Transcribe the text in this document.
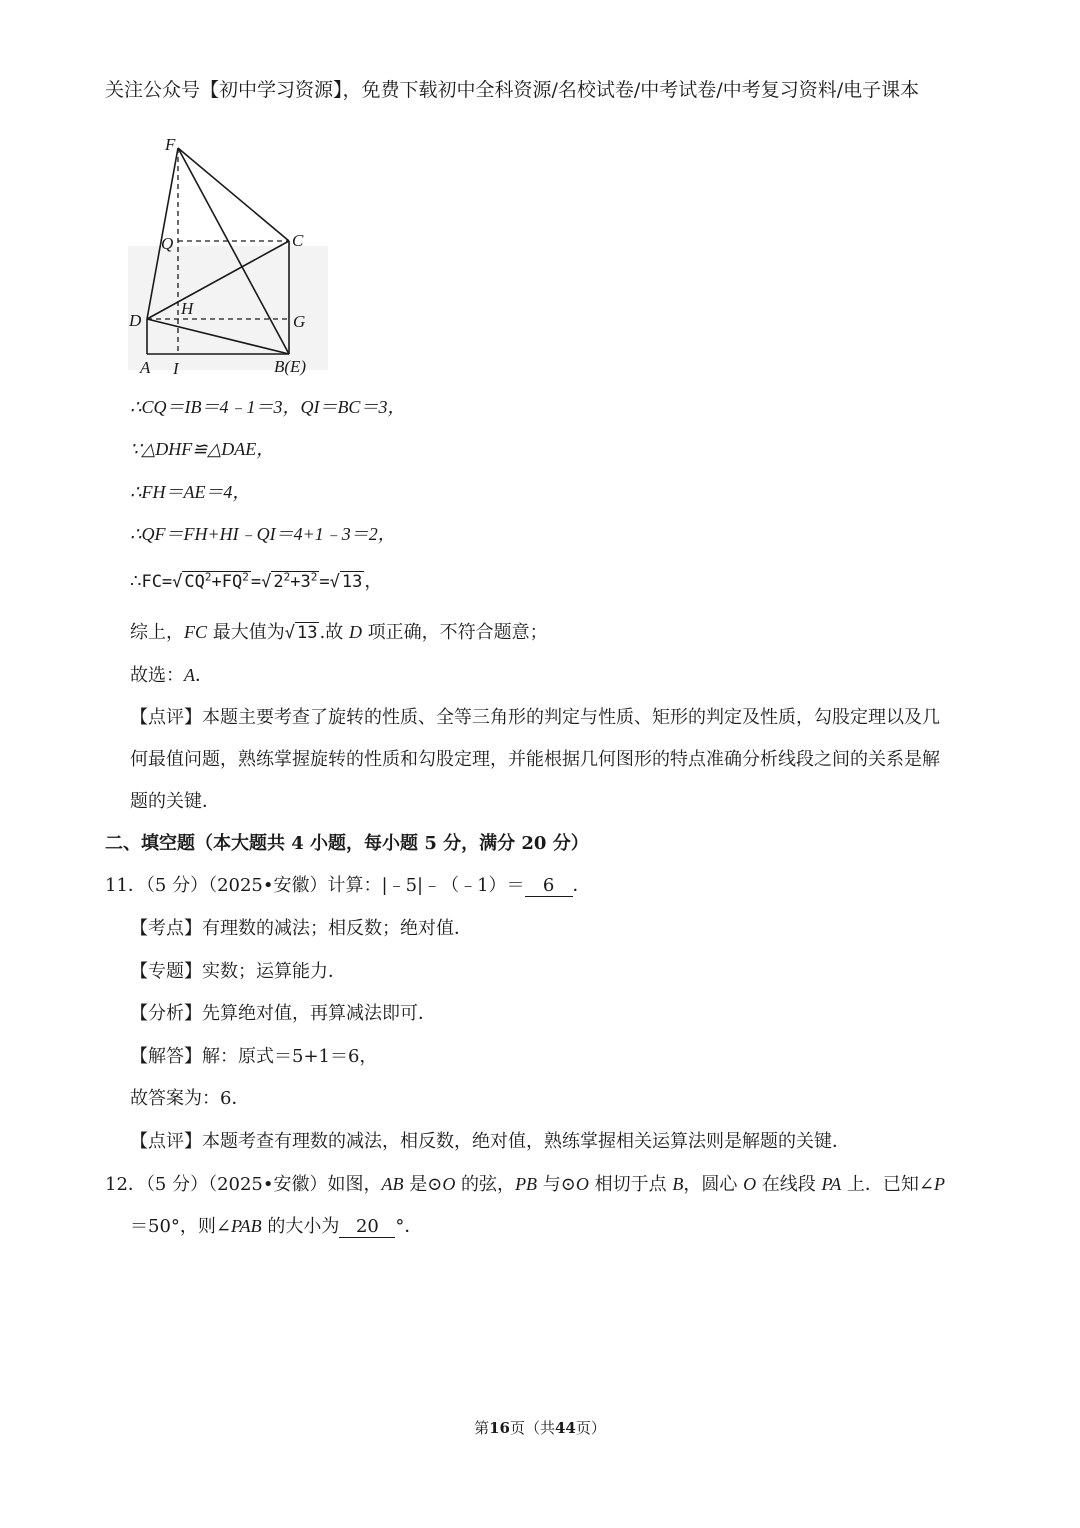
关注公众号【初中学习资源】，免费下载初中全科资源/名校试卷/中考试卷/中考复习资料/电子课本
F
Q	C
H
D	G
A I	B(E)
∴CQ＝IB＝4﹣1＝3，QI＝BC＝3，
∵△DHF≌△DAE，
∴FH＝AE＝4，
∴QF＝FH+HI﹣QI＝4+1﹣3＝2，
∴FC=√ $CQ^2+FQ^2$ =√ $2^2+3^2$ =√ 13 ，
综上，FC 最大值为√ 13 .故 D 项正确，不符合题意；
故选：A．
【点评】本题主要考查了旋转的性质、全等三角形的判定与性质、矩形的判定及性质，勾股定理以及几
何最值问题，熟练掌握旋转的性质和勾股定理，并能根据几何图形的特点准确分析线段之间的关系是解
题的关键．
二、填空题（本大题共 4 小题，每小题 5 分，满分 20 分）
11．（5 分）（2025•安徽）计算：|﹣5|﹣（﹣1）＝ 6 ．
【考点】有理数的减法；相反数；绝对值．
【专题】实数；运算能力．
【分析】先算绝对值，再算减法即可．
【解答】解：原式＝5+1＝6，
故答案为：6．
【点评】本题考查有理数的减法，相反数，绝对值，熟练掌握相关运算法则是解题的关键．
12．（5 分）（2025•安徽）如图，AB 是⊙O 的弦，PB 与⊙O 相切于点 B，圆心 O 在线段 PA 上．已知∠P
＝50°，则∠PAB 的大小为 20 °．
第16页（共44页）
